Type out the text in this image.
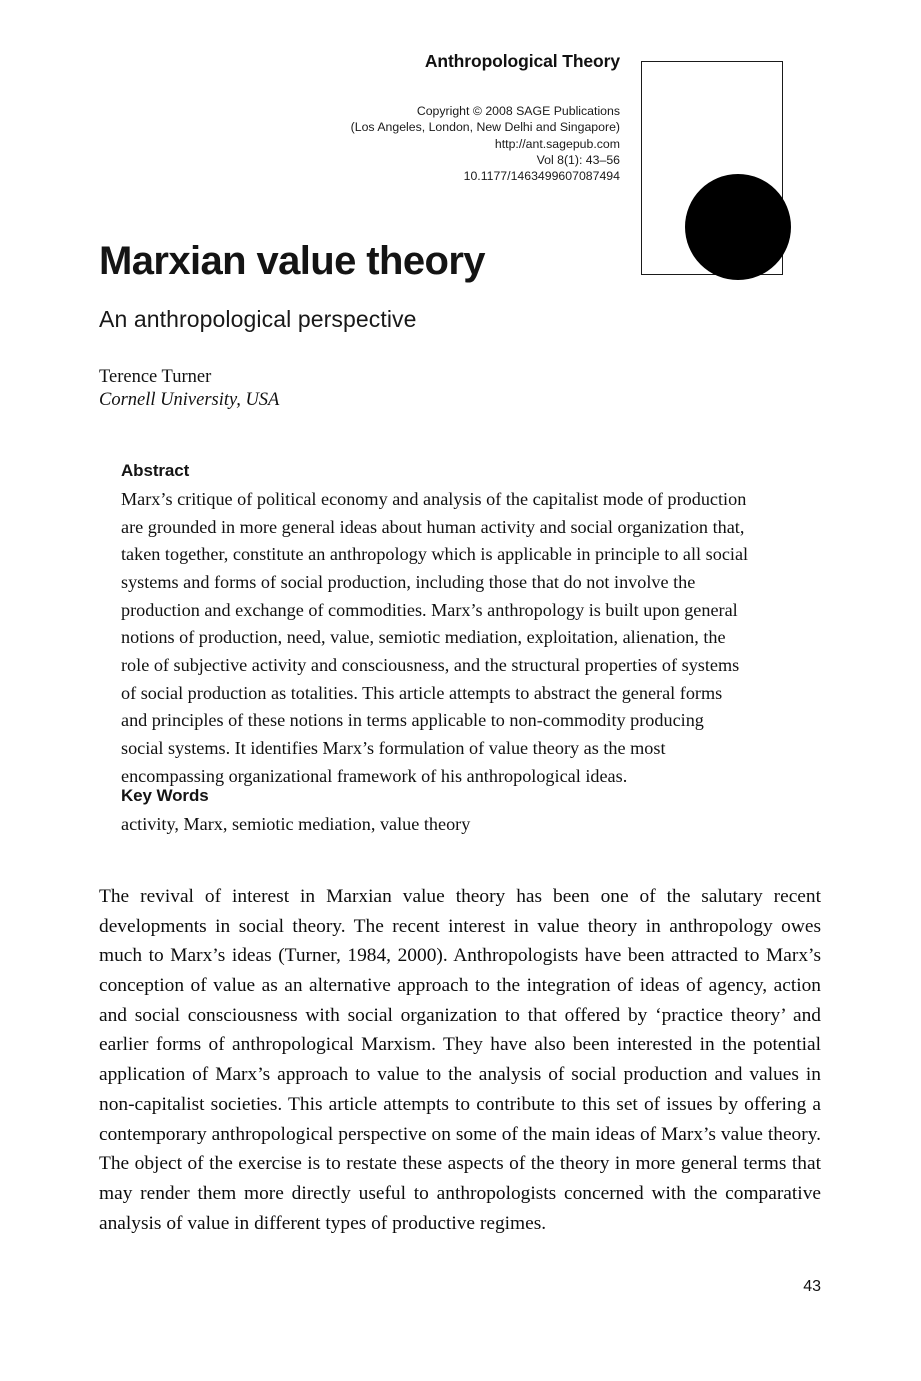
Anthropological Theory
Copyright © 2008 SAGE Publications
(Los Angeles, London, New Delhi and Singapore)
http://ant.sagepub.com
Vol 8(1): 43–56
10.1177/1463499607087494
Marxian value theory
An anthropological perspective
Terence Turner
Cornell University, USA
Abstract

Marx’s critique of political economy and analysis of the capitalist mode of production are grounded in more general ideas about human activity and social organization that, taken together, constitute an anthropology which is applicable in principle to all social systems and forms of social production, including those that do not involve the production and exchange of commodities. Marx’s anthropology is built upon general notions of production, need, value, semiotic mediation, exploitation, alienation, the role of subjective activity and consciousness, and the structural properties of systems of social production as totalities. This article attempts to abstract the general forms and principles of these notions in terms applicable to non-commodity producing social systems. It identifies Marx’s formulation of value theory as the most encompassing organizational framework of his anthropological ideas.

Key Words

activity, Marx, semiotic mediation, value theory

The revival of interest in Marxian value theory has been one of the salutary recent developments in social theory. The recent interest in value theory in anthropology owes much to Marx’s ideas (Turner, 1984, 2000). Anthropologists have been attracted to Marx’s conception of value as an alternative approach to the integration of ideas of agency, action and social consciousness with social organization to that offered by ‘practice theory’ and earlier forms of anthropological Marxism. They have also been interested in the potential application of Marx’s approach to value to the analysis of social production and values in non-capitalist societies. This article attempts to contribute to this set of issues by offering a contemporary anthropological perspective on some of the main ideas of Marx’s value theory. The object of the exercise is to restate these aspects of the theory in more general terms that may render them more directly useful to anthropologists concerned with the comparative analysis of value in different types of productive regimes.

43
